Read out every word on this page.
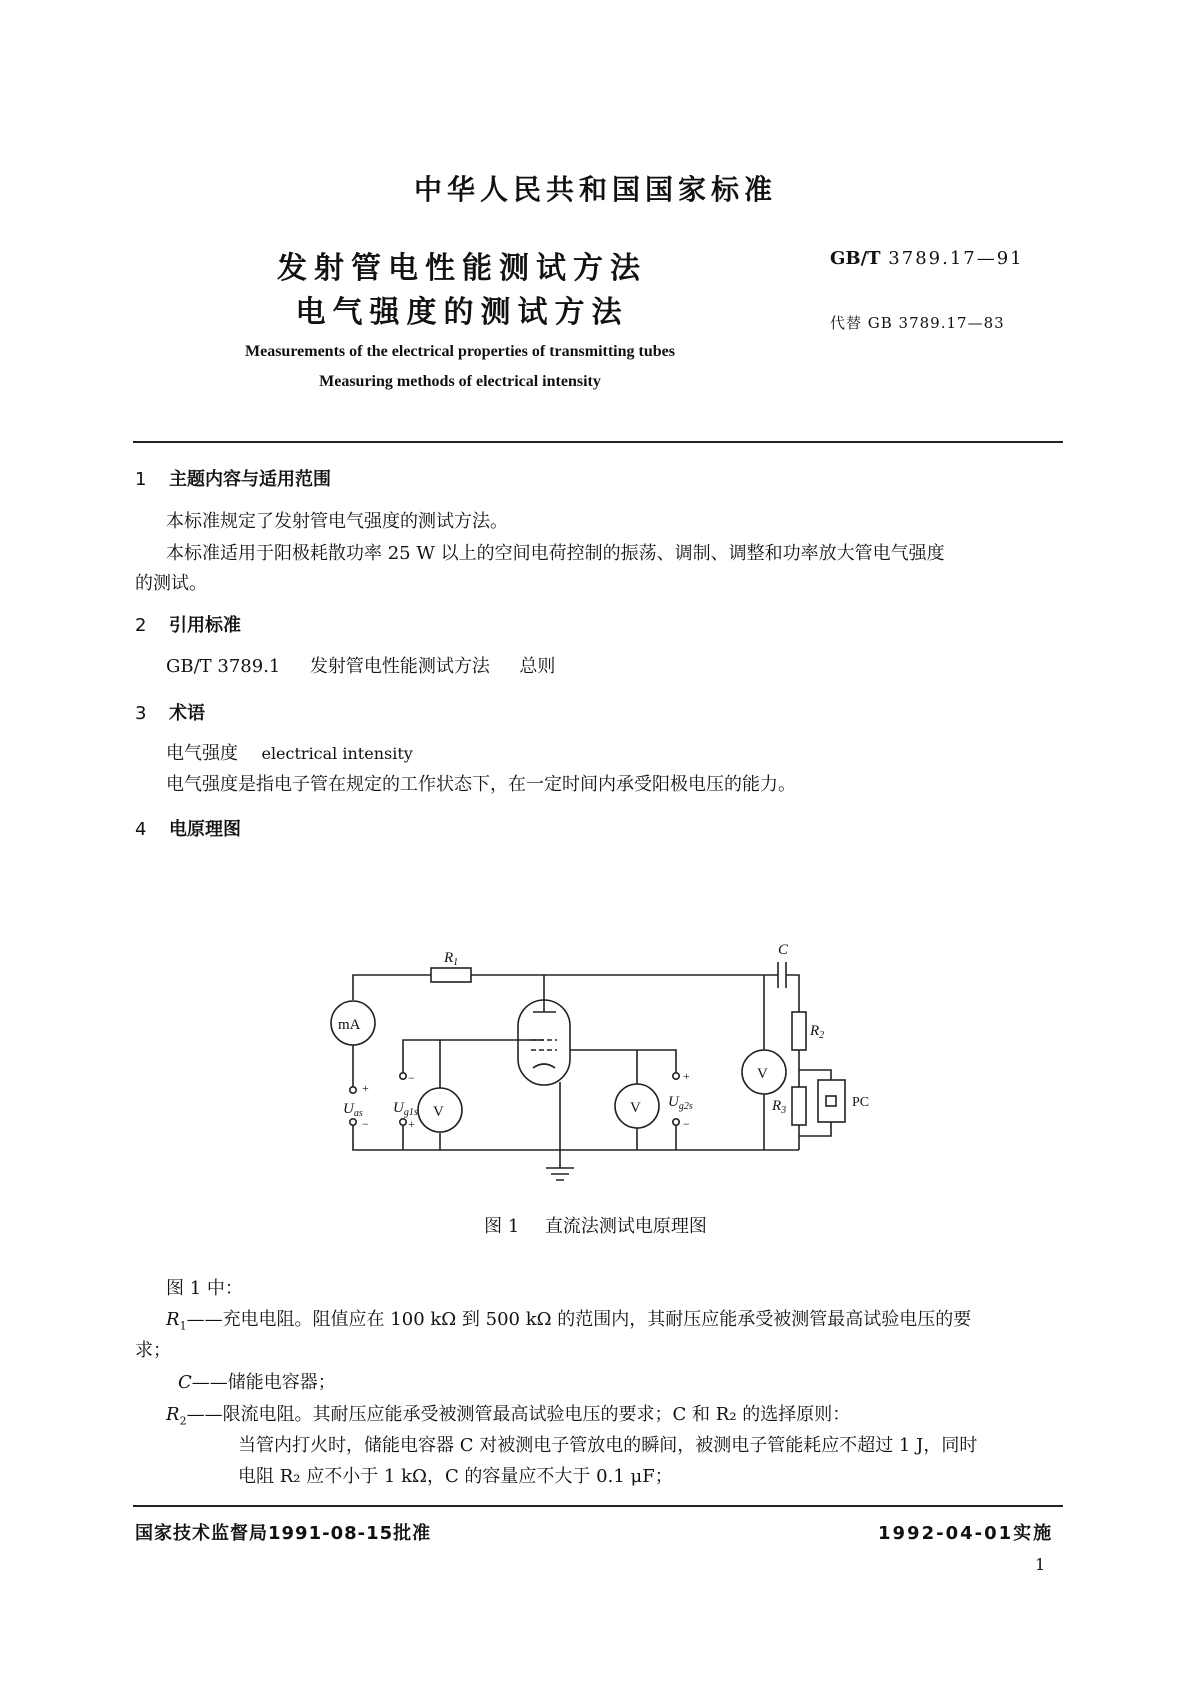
中华人民共和国国家标准
发射管电性能测试方法
电气强度的测试方法
GB/T 3789.17—91
代替 GB 3789.17—83
Measurements of the electrical properties of transmitting tubes
Measuring methods of electrical intensity
1 主题内容与适用范围
本标准规定了发射管电气强度的测试方法。
本标准适用于阳极耗散功率 25 W 以上的空间电荷控制的振荡、调制、调整和功率放大管电气强度
的测试。
2 引用标准
GB/T 3789.1 发射管电性能测试方法 总则
3 术语
电气强度 electrical intensity
电气强度是指电子管在规定的工作状态下，在一定时间内承受阳极电压的能力。
4 电原理图
$R_1$
C
mA
V	V
V
$R_2$
$R_3$
PC
$U_{as}$
+
−
$U_{g1s}$
−
+
$U_{g2s}$
+
−
图 1 直流法测试电原理图
图 1 中：
$R_1——$充电电阻。阻值应在 100 kΩ 到 500 kΩ 的范围内，其耐压应能承受被测管最高试验电压的要
求；
C——储能电容器；
$R_2——$限流电阻。其耐压应能承受被测管最高试验电压的要求；C 和 R₂ 的选择原则：
当管内打火时，储能电容器 C 对被测电子管放电的瞬间，被测电子管能耗应不超过 1 J，同时
电阻 R₂ 应不小于 1 kΩ，C 的容量应不大于 0.1 μF；
国家技术监督局1991-08-15批准	1992-04-01实施
1
